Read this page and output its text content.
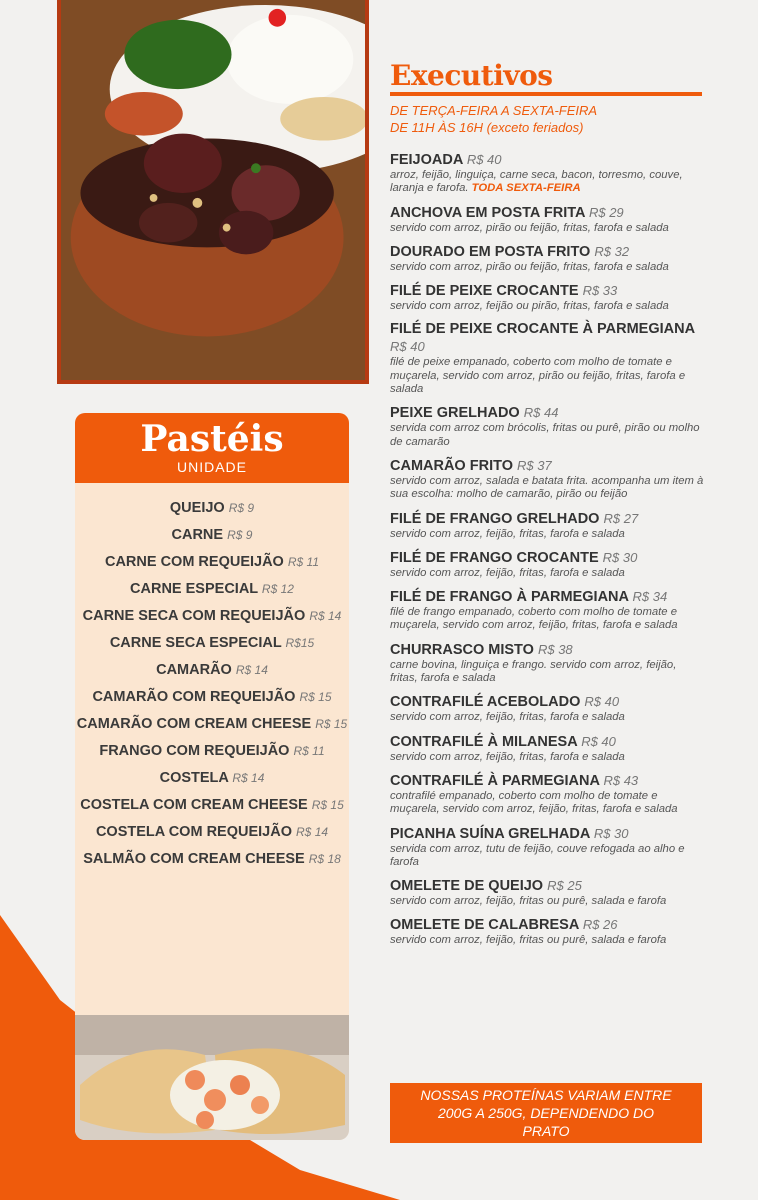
Executivos
DE TERÇA-FEIRA A SEXTA-FEIRA
DE 11H ÀS 16H (exceto feriados)
FEIJOADA R$ 40
arroz, feijão, linguiça, carne seca, bacon, torresmo, couve, laranja e farofa. TODA SEXTA-FEIRA
ANCHOVA EM POSTA FRITA R$ 29
servido com arroz, pirão ou feijão, fritas, farofa e salada
DOURADO EM POSTA FRITO R$ 32
servido com arroz, pirão ou feijão, fritas, farofa e salada
FILÉ DE PEIXE CROCANTE R$ 33
servido com arroz, feijão ou pirão, fritas, farofa e salada
FILÉ DE PEIXE CROCANTE À PARMEGIANA R$ 40
filé de peixe empanado, coberto com molho de tomate e muçarela, servido com arroz, pirão ou feijão, fritas, farofa e salada
PEIXE GRELHADO R$ 44
servida com arroz com brócolis, fritas ou purê, pirão ou molho de camarão
CAMARÃO FRITO R$ 37
servido com arroz, salada e batata frita. acompanha um item à sua escolha: molho de camarão, pirão ou feijão
FILÉ DE FRANGO GRELHADO R$ 27
servido com arroz, feijão, fritas, farofa e salada
FILÉ DE FRANGO CROCANTE R$ 30
servido com arroz, feijão, fritas, farofa e salada
FILÉ DE FRANGO À PARMEGIANA R$ 34
filé de frango empanado, coberto com molho de tomate e muçarela, servido com arroz, feijão, fritas, farofa e salada
CHURRASCO MISTO R$ 38
carne bovina, linguiça e frango. servido com arroz, feijão, fritas, farofa e salada
CONTRAFILÉ ACEBOLADO R$ 40
servido com arroz, feijão, fritas, farofa e salada
CONTRAFILÉ À MILANESA R$ 40
servido com arroz, feijão, fritas, farofa e salada
CONTRAFILÉ À PARMEGIANA R$ 43
contrafilé empanado, coberto com molho de tomate e muçarela, servido com arroz, feijão, fritas, farofa e salada
PICANHA SUÍNA GRELHADA R$ 30
servida com arroz, tutu de feijão, couve refogada ao alho e farofa
OMELETE DE QUEIJO R$ 25
servido com arroz, feijão, fritas ou purê, salada e farofa
OMELETE DE CALABRESA R$ 26
servido com arroz, feijão, fritas ou purê, salada e farofa
NOSSAS PROTEÍNAS VARIAM ENTRE 200G A 250G, DEPENDENDO DO PRATO
Pastéis
UNIDADE
QUEIJO R$ 9
CARNE R$ 9
CARNE COM REQUEIJÃO R$ 11
CARNE ESPECIAL R$ 12
CARNE SECA COM REQUEIJÃO R$ 14
CARNE SECA ESPECIAL R$15
CAMARÃO R$ 14
CAMARÃO COM REQUEIJÃO R$ 15
CAMARÃO COM CREAM CHEESE R$ 15
FRANGO COM REQUEIJÃO R$ 11
COSTELA R$ 14
COSTELA COM CREAM CHEESE R$ 15
COSTELA COM REQUEIJÃO R$ 14
SALMÃO COM CREAM CHEESE R$ 18
